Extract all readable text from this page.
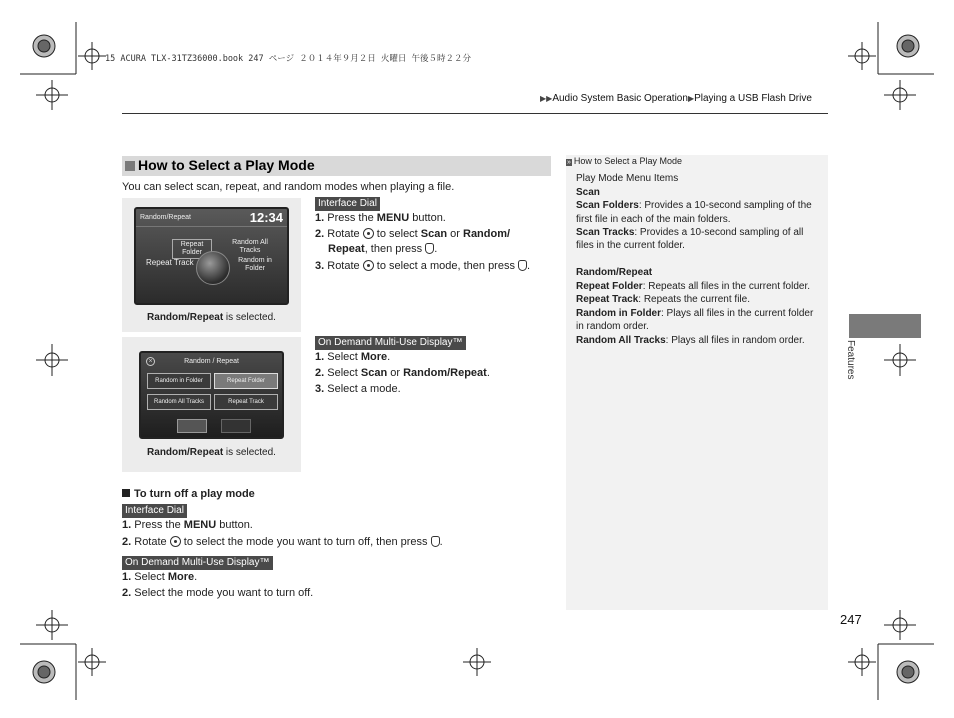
15 ACURA TLX-31TZ36000.book 247 ページ ２０１４年９月２日 火曜日 午後５時２２分
▶▶Audio System Basic Operation▶Playing a USB Flash Drive
How to Select a Play Mode
You can select scan, repeat, and random modes when playing a file.
Random/Repeat	12:34
Repeat Folder
Random All Tracks
Repeat Track	Random in Folder
Random/Repeat is selected.
×	Random / Repeat
Random in Folder	Repeat Folder
Random All Tracks	Repeat Track
Random/Repeat is selected.
Interface Dial
1. Press the MENU button.
2. Rotate  to select Scan or Random/
Repeat, then press .
3. Rotate  to select a mode, then press .
On Demand Multi-Use Display™
1. Select More.
2. Select Scan or Random/Repeat.
3. Select a mode.
To turn off a play mode
Interface Dial
1. Press the MENU button.
2. Rotate  to select the mode you want to turn off, then press .
On Demand Multi-Use Display™
1. Select More.
2. Select the mode you want to turn off.
» How to Select a Play Mode
Play Mode Menu Items
Scan
Scan Folders: Provides a 10-second sampling of the
first file in each of the main folders.
Scan Tracks: Provides a 10-second sampling of all
files in the current folder.
Random/Repeat
Repeat Folder: Repeats all files in the current folder.
Repeat Track: Repeats the current file.
Random in Folder: Plays all files in the current folder
in random order.
Random All Tracks: Plays all files in random order.	Features
247
